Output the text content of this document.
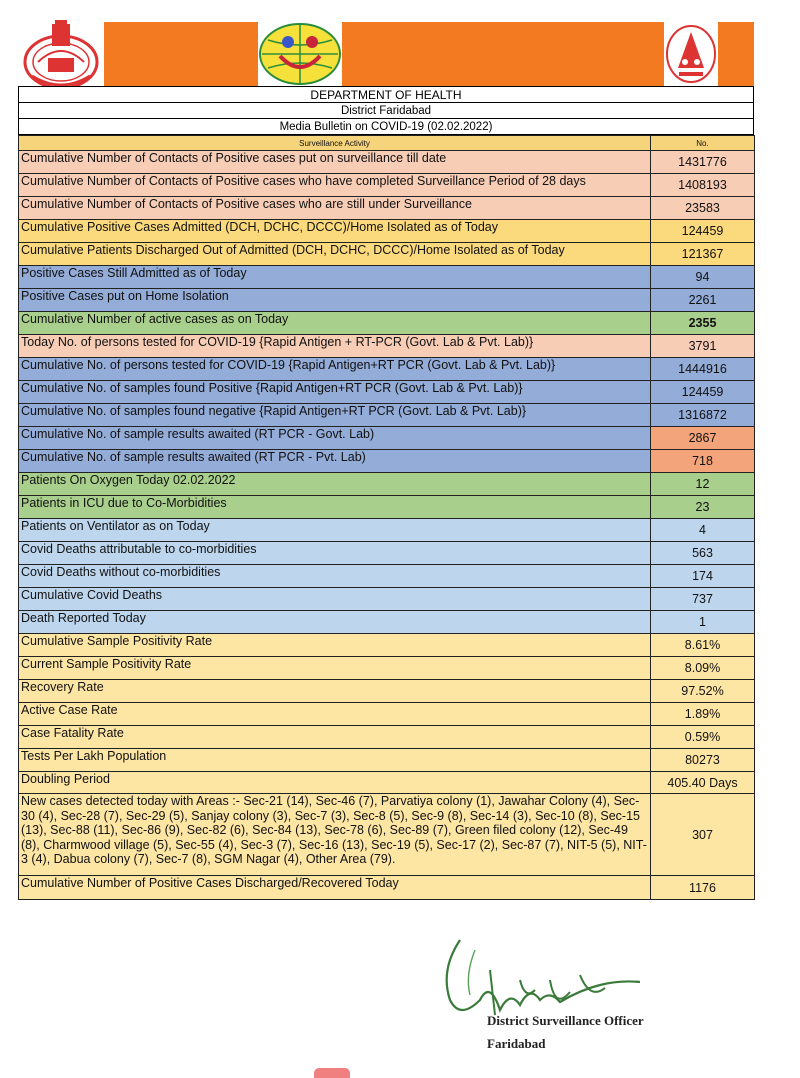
DEPARTMENT OF HEALTH
District Faridabad
Media Bulletin on COVID-19 (02.02.2022)
Surveillance Activity	No.
Cumulative Number of Contacts of Positive cases put on surveillance till date	1431776
Cumulative Number of Contacts of Positive cases who have completed Surveillance Period of 28 days	1408193
Cumulative Number of Contacts of Positive cases who are still under Surveillance	23583
Cumulative Positive Cases Admitted (DCH, DCHC, DCCC)/Home Isolated as of Today	124459
Cumulative Patients Discharged Out of Admitted (DCH, DCHC, DCCC)/Home Isolated as of Today	121367
Positive Cases Still Admitted as of Today	94
Positive Cases put on Home Isolation	2261
Cumulative Number of active cases as on Today	2355
Today No. of persons tested for COVID-19 {Rapid Antigen + RT-PCR (Govt. Lab & Pvt. Lab)}	3791
Cumulative No. of persons tested for COVID-19 {Rapid Antigen+RT PCR (Govt. Lab & Pvt. Lab)}	1444916
Cumulative No. of samples found Positive {Rapid Antigen+RT PCR (Govt. Lab & Pvt. Lab)}	124459
Cumulative No. of samples found negative {Rapid Antigen+RT PCR (Govt. Lab & Pvt. Lab)}	1316872
Cumulative No. of sample results awaited (RT PCR - Govt. Lab)	2867
Cumulative No. of sample results awaited (RT PCR - Pvt. Lab)	718
Patients On Oxygen Today 02.02.2022	12
Patients in ICU due to Co-Morbidities	23
Patients on Ventilator as on Today	4
Covid Deaths attributable to co-morbidities	563
Covid Deaths without co-morbidities	174
Cumulative Covid Deaths	737
Death Reported Today	1
Cumulative Sample Positivity Rate	8.61%
Current Sample Positivity Rate	8.09%
Recovery Rate	97.52%
Active Case Rate	1.89%
Case Fatality Rate	0.59%
Tests Per Lakh Population	80273
Doubling Period	405.40 Days
New cases detected today with Areas :- Sec-21 (14), Sec-46 (7), Parvatiya colony (1), Jawahar Colony (4), Sec-30 (4), Sec-28 (7), Sec-29 (5), Sanjay colony (3), Sec-7 (3), Sec-8 (5), Sec-9 (8), Sec-14 (3), Sec-10 (8), Sec-15 (13), Sec-88 (11), Sec-86 (9), Sec-82 (6), Sec-84 (13), Sec-78 (6), Sec-89 (7), Green filed colony (12), Sec-49 (8), Charmwood village (5), Sec-55 (4), Sec-3 (7), Sec-16 (13), Sec-19 (5), Sec-17 (2), Sec-87 (7), NIT-5 (5), NIT-3 (4), Dabua colony (7), Sec-7 (8), SGM Nagar (4), Other Area (79).	307
Cumulative Number of Positive Cases Discharged/Recovered Today	1176
District Surveillance Officer
Faridabad
